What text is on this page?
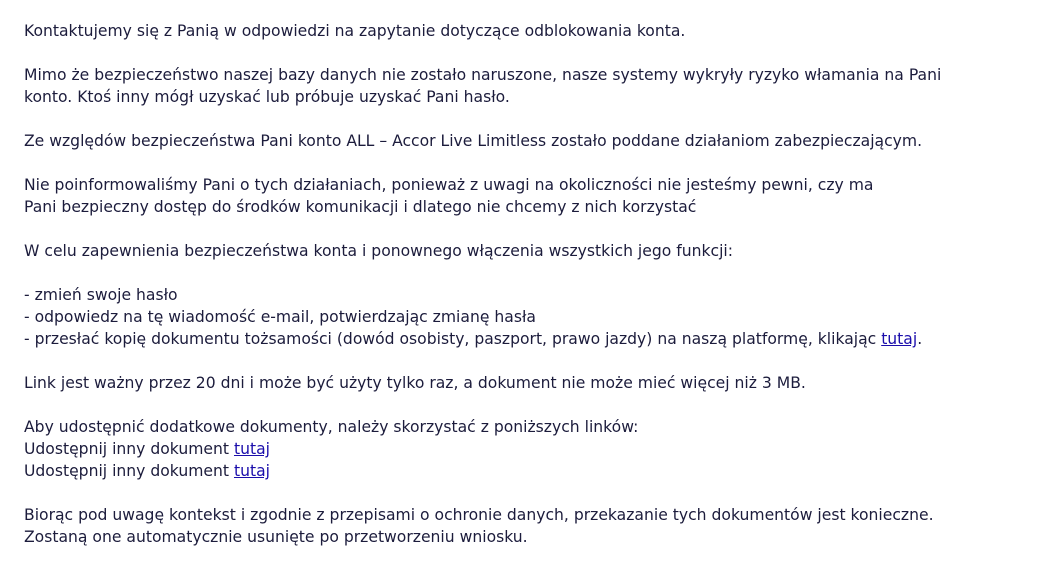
Kontaktujemy się z Panią w odpowiedzi na zapytanie dotyczące odblokowania konta.

Mimo że bezpieczeństwo naszej bazy danych nie zostało naruszone, nasze systemy wykryły ryzyko włamania na Pani
konto. Ktoś inny mógł uzyskać lub próbuje uzyskać Pani hasło.

Ze względów bezpieczeństwa Pani konto ALL – Accor Live Limitless zostało poddane działaniom zabezpieczającym.

Nie poinformowaliśmy Pani o tych działaniach, ponieważ z uwagi na okoliczności nie jesteśmy pewni, czy ma
Pani bezpieczny dostęp do środków komunikacji i dlatego nie chcemy z nich korzystać

W celu zapewnienia bezpieczeństwa konta i ponownego włączenia wszystkich jego funkcji:

- zmień swoje hasło
- odpowiedz na tę wiadomość e-mail, potwierdzając zmianę hasła
- przesłać kopię dokumentu tożsamości (dowód osobisty, paszport, prawo jazdy) na naszą platformę, klikając tutaj.

Link jest ważny przez 20 dni i może być użyty tylko raz, a dokument nie może mieć więcej niż 3 MB.

Aby udostępnić dodatkowe dokumenty, należy skorzystać z poniższych linków:
Udostępnij inny dokument tutaj
Udostępnij inny dokument tutaj

Biorąc pod uwagę kontekst i zgodnie z przepisami o ochronie danych, przekazanie tych dokumentów jest konieczne.
Zostaną one automatycznie usunięte po przetworzeniu wniosku.
